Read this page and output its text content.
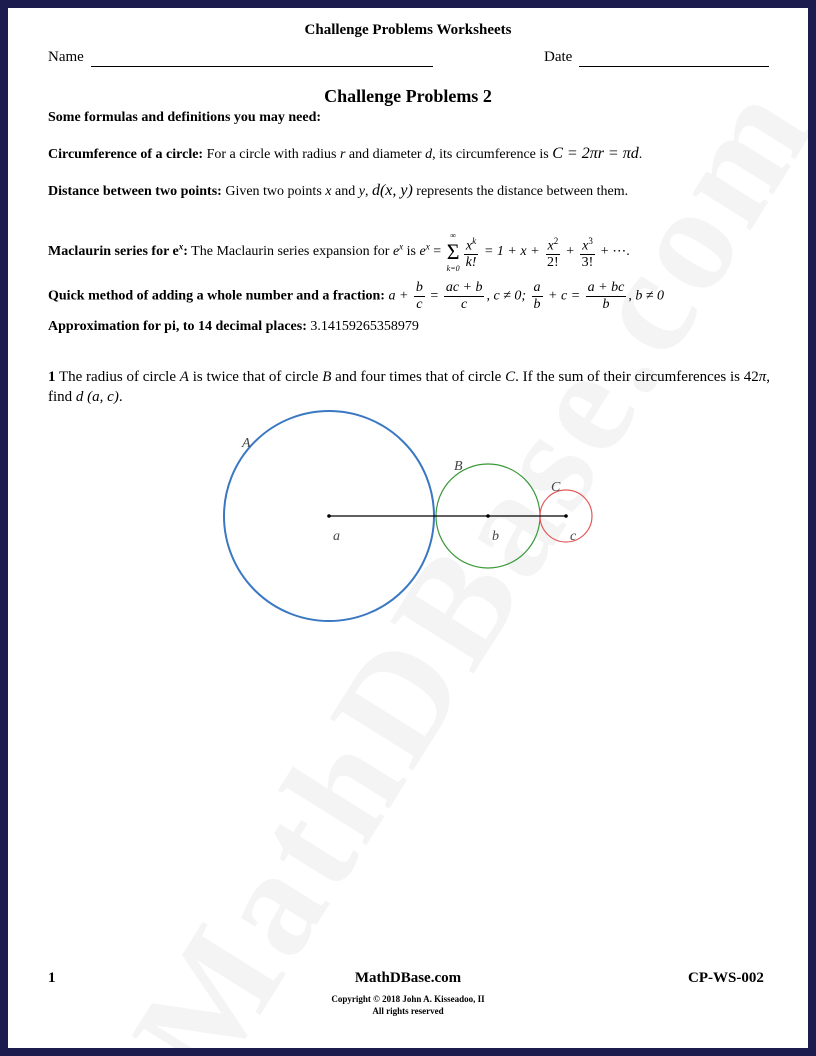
Challenge Problems Worksheets
Name	Date
Challenge Problems 2
Some formulas and definitions you may need:
Circumference of a circle: For a circle with radius r and diameter d, its circumference is C = 2πr = πd.
Distance between two points: Given two points x and y, d(x, y) represents the distance between them.
Maclaurin series for $e^x$: The Maclaurin series expansion for $e^x$ is $e^x$ =
∞
Σ
$k=0 \frac{x^k}{k!} = 1 + x + \frac{x^2}{2!} + \frac{x^3}{3!}$ + ⋯.
Quick method of adding a whole number and a fraction: $a + \frac{b}{c} = \frac{ac + b}{c}$ , c ≠ 0; $\frac{a}{b} + c = \frac{a + bc}{b}$ , b ≠ 0
Approximation for pi, to 14 decimal places: 3.14159265358979
1 The radius of circle A is twice that of circle B and four times that of circle C. If the sum of their circumferences is 42π, find d (a, c).
A
B
C
a	b	c
1	MathDBase.com	CP-WS-002
Copyright © 2018 John A. Kisseadoo, II
All rights reserved
